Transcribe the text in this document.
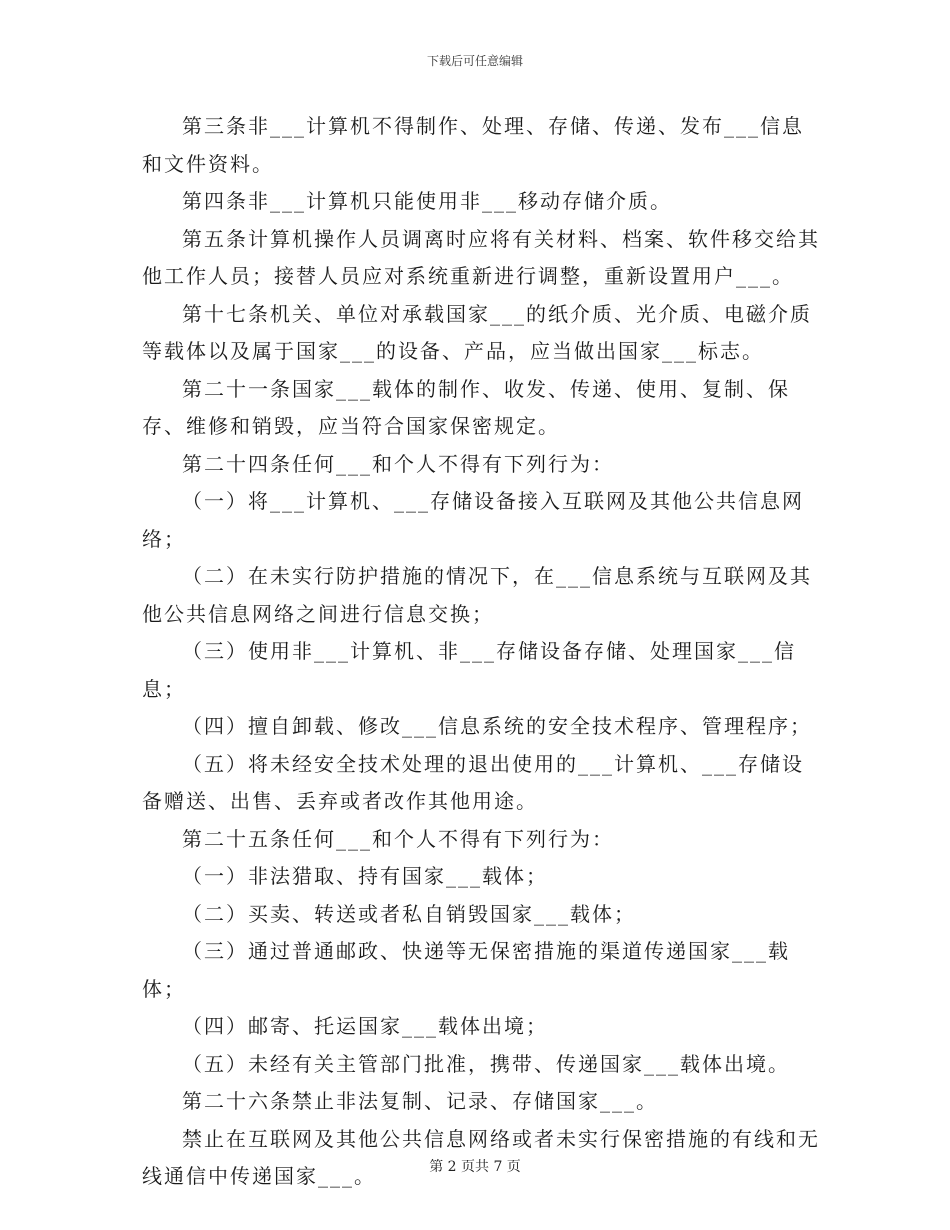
下载后可任意编辑

第三条非___计算机不得制作、处理、存储、传递、发布___信息和文件资料。

第四条非___计算机只能使用非___移动存储介质。

第五条计算机操作人员调离时应将有关材料、档案、软件移交给其他工作人员；接替人员应对系统重新进行调整，重新设置用户___。

第十七条机关、单位对承载国家___的纸介质、光介质、电磁介质等载体以及属于国家___的设备、产品，应当做出国家___标志。

第二十一条国家___载体的制作、收发、传递、使用、复制、保存、维修和销毁，应当符合国家保密规定。

第二十四条任何___和个人不得有下列行为：

（一）将___计算机、___存储设备接入互联网及其他公共信息网络；

（二）在未实行防护措施的情况下，在___信息系统与互联网及其他公共信息网络之间进行信息交换；

（三）使用非___计算机、非___存储设备存储、处理国家___信息；

（四）擅自卸载、修改___信息系统的安全技术程序、管理程序；

（五）将未经安全技术处理的退出使用的___计算机、___存储设备赠送、出售、丢弃或者改作其他用途。

第二十五条任何___和个人不得有下列行为：

（一）非法猎取、持有国家___载体；

（二）买卖、转送或者私自销毁国家___载体；

（三）通过普通邮政、快递等无保密措施的渠道传递国家___载体；

（四）邮寄、托运国家___载体出境；

（五）未经有关主管部门批准，携带、传递国家___载体出境。

第二十六条禁止非法复制、记录、存储国家___。

禁止在互联网及其他公共信息网络或者未实行保密措施的有线和无线通信中传递国家___。	第 2 页共 7 页
